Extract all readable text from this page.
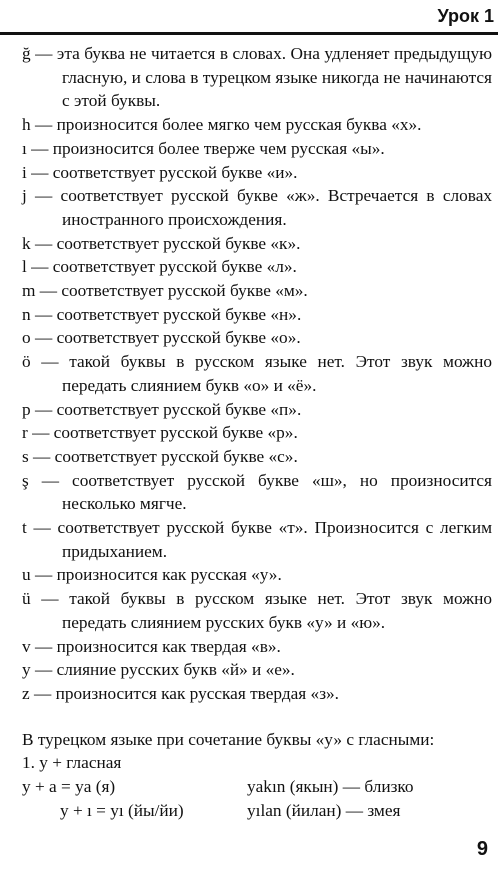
Урок 1
ğ — эта буква не читается в словах. Она удленяет предыдущую гласную, и слова в турецком языке никогда не начинаются с этой буквы.
h — произносится более мягко чем русская буква «х».
ı — произносится более тверже чем русская «ы».
i — соответствует русской букве «и».
j — соответствует русской букве «ж». Встречается в словах иностранного происхождения.
k — соответствует русской букве «к».
l — соответствует русской букве «л».
m — соответствует русской букве «м».
n — соответствует русской букве «н».
o — соответствует русской букве «о».
ö — такой буквы в русском языке нет. Этот звук можно передать слиянием букв «о» и «ё».
p — соответствует русской букве «п».
r — соответствует русской букве «р».
s — соответствует русской букве «с».
ş — соответствует русской букве «ш», но произносится несколько мягче.
t — соответствует русской букве «т». Произносится с легким придыханием.
u — произносится как русская «у».
ü — такой буквы в русском языке нет. Этот звук можно передать слиянием русских букв «у» и «ю».
v — произносится как твердая «в».
y — слияние русских букв «й» и «е».
z — произносится как русская твердая «з».
В турецком языке при сочетание буквы «у» с гласными:
1. y + гласная
y + a = ya (я)	yakın (якын) — близко
y + ı = yı (йы/йи)	yılan (йилан) — змея
9
